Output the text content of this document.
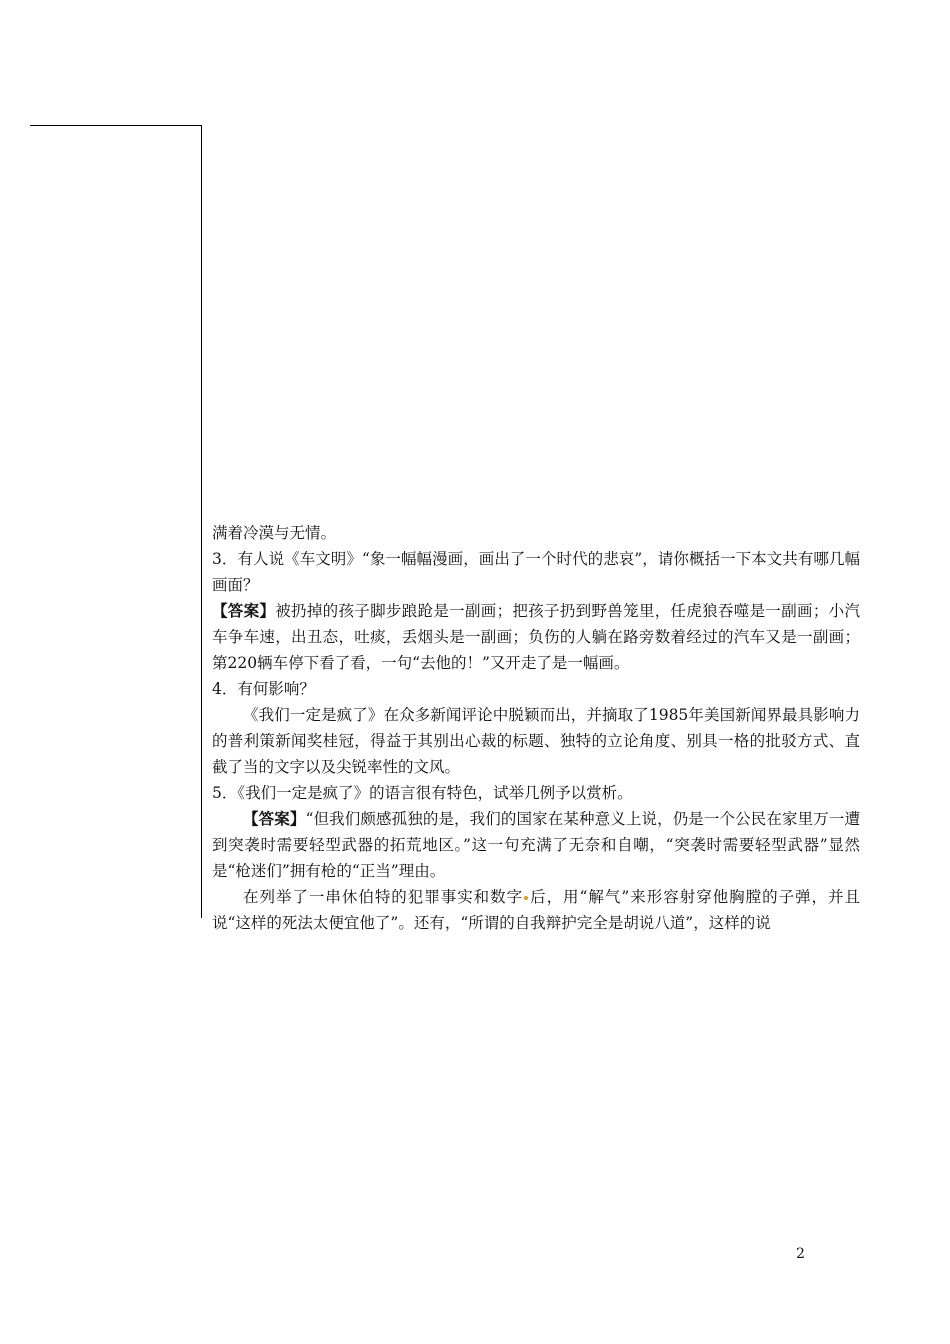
满着冷漠与无情。

3．有人说《车文明》“象一幅幅漫画，画出了一个时代的悲哀”，请你概括一下本文共有哪几幅画面？

【答案】被扔掉的孩子脚步踉跄是一副画；把孩子扔到野兽笼里，任虎狼吞噬是一副画；小汽车争车速，出丑态，吐痰，丢烟头是一副画；负伤的人躺在路旁数着经过的汽车又是一副画；第220辆车停下看了看，一句“去他的！”又开走了是一幅画。

4．有何影响？

《我们一定是疯了》在众多新闻评论中脱颖而出，并摘取了1985年美国新闻界最具影响力的普利策新闻奖桂冠，得益于其别出心裁的标题、独特的立论角度、别具一格的批驳方式、直截了当的文字以及尖锐率性的文风。

5．《我们一定是疯了》的语言很有特色，试举几例予以赏析。

【答案】“但我们颇感孤独的是，我们的国家在某种意义上说，仍是一个公民在家里万一遭到突袭时需要轻型武器的拓荒地区。”这一句充满了无奈和自嘲，“突袭时需要轻型武器”显然是“枪迷们”拥有枪的“正当”理由。

在列举了一串休伯特的犯罪事实和数字 后，用“解气”来形容射穿他胸膛的子弹，并且说“这样的死法太便宜他了”。还有，“所谓的自我辩护完全是胡说八道”，这样的说

2
